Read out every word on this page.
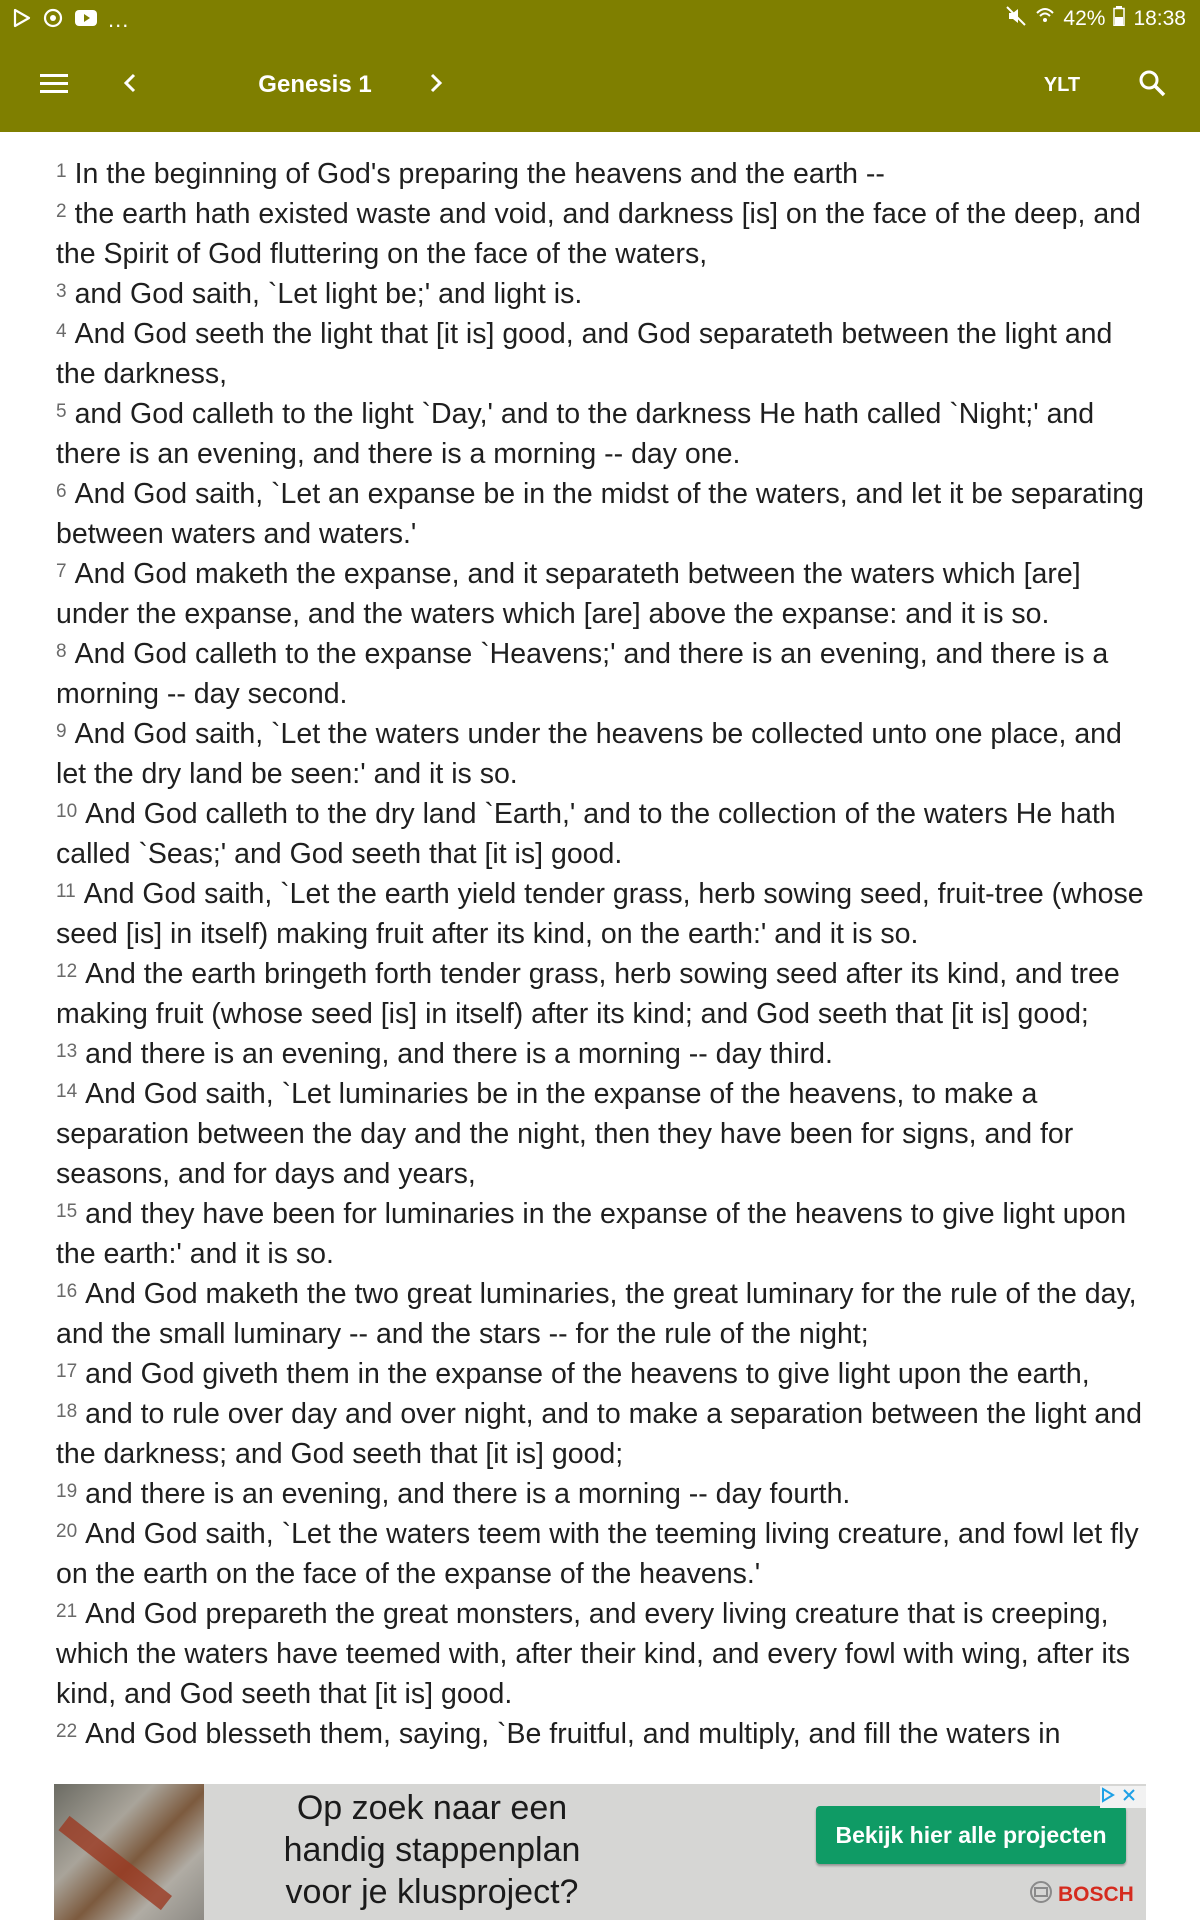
...	42% 18:38
Genesis 1	YLT

$^1$ In the beginning of God's preparing the heavens and the earth --

$^2$ the earth hath existed waste and void, and darkness [is] on the face of the deep, and the Spirit of God fluttering on the face of the waters,

$^3$ and God saith, `Let light be;' and light is.

$^4$ And God seeth the light that [it is] good, and God separateth between the light and the darkness,

$^5$ and God calleth to the light `Day,' and to the darkness He hath called `Night;' and there is an evening, and there is a morning -- day one.

$^6$ And God saith, `Let an expanse be in the midst of the waters, and let it be separating between waters and waters.'

$^7$ And God maketh the expanse, and it separateth between the waters which [are] under the expanse, and the waters which [are] above the expanse: and it is so.

$^8$ And God calleth to the expanse `Heavens;' and there is an evening, and there is a morning -- day second.

$^9$ And God saith, `Let the waters under the heavens be collected unto one place, and let the dry land be seen:' and it is so.

$^{10}$ And God calleth to the dry land `Earth,' and to the collection of the waters He hath called `Seas;' and God seeth that [it is] good.

$^{11}$ And God saith, `Let the earth yield tender grass, herb sowing seed, fruit-tree (whose seed [is] in itself) making fruit after its kind, on the earth:' and it is so.

$^{12}$ And the earth bringeth forth tender grass, herb sowing seed after its kind, and tree making fruit (whose seed [is] in itself) after its kind; and God seeth that [it is] good;

$^{13}$ and there is an evening, and there is a morning -- day third.

$^{14}$ And God saith, `Let luminaries be in the expanse of the heavens, to make a separation between the day and the night, then they have been for signs, and for seasons, and for days and years,

$^{15}$ and they have been for luminaries in the expanse of the heavens to give light upon the earth:' and it is so.

$^{16}$ And God maketh the two great luminaries, the great luminary for the rule of the day, and the small luminary -- and the stars -- for the rule of the night;

$^{17}$ and God giveth them in the expanse of the heavens to give light upon the earth,

$^{18}$ and to rule over day and over night, and to make a separation between the light and the darkness; and God seeth that [it is] good;

$^{19}$ and there is an evening, and there is a morning -- day fourth.

$^{20}$ And God saith, `Let the waters teem with the teeming living creature, and fowl let fly on the earth on the face of the expanse of the heavens.'

$^{21}$ And God prepareth the great monsters, and every living creature that is creeping, which the waters have teemed with, after their kind, and every fowl with wing, after its kind, and God seeth that [it is] good.

$^{22}$ And God blesseth them, saying, `Be fruitful, and multiply, and fill the waters in

Op zoek naar een
handig stappenplan
voor je klusproject?
Bekijk hier alle projecten
BOSCH
